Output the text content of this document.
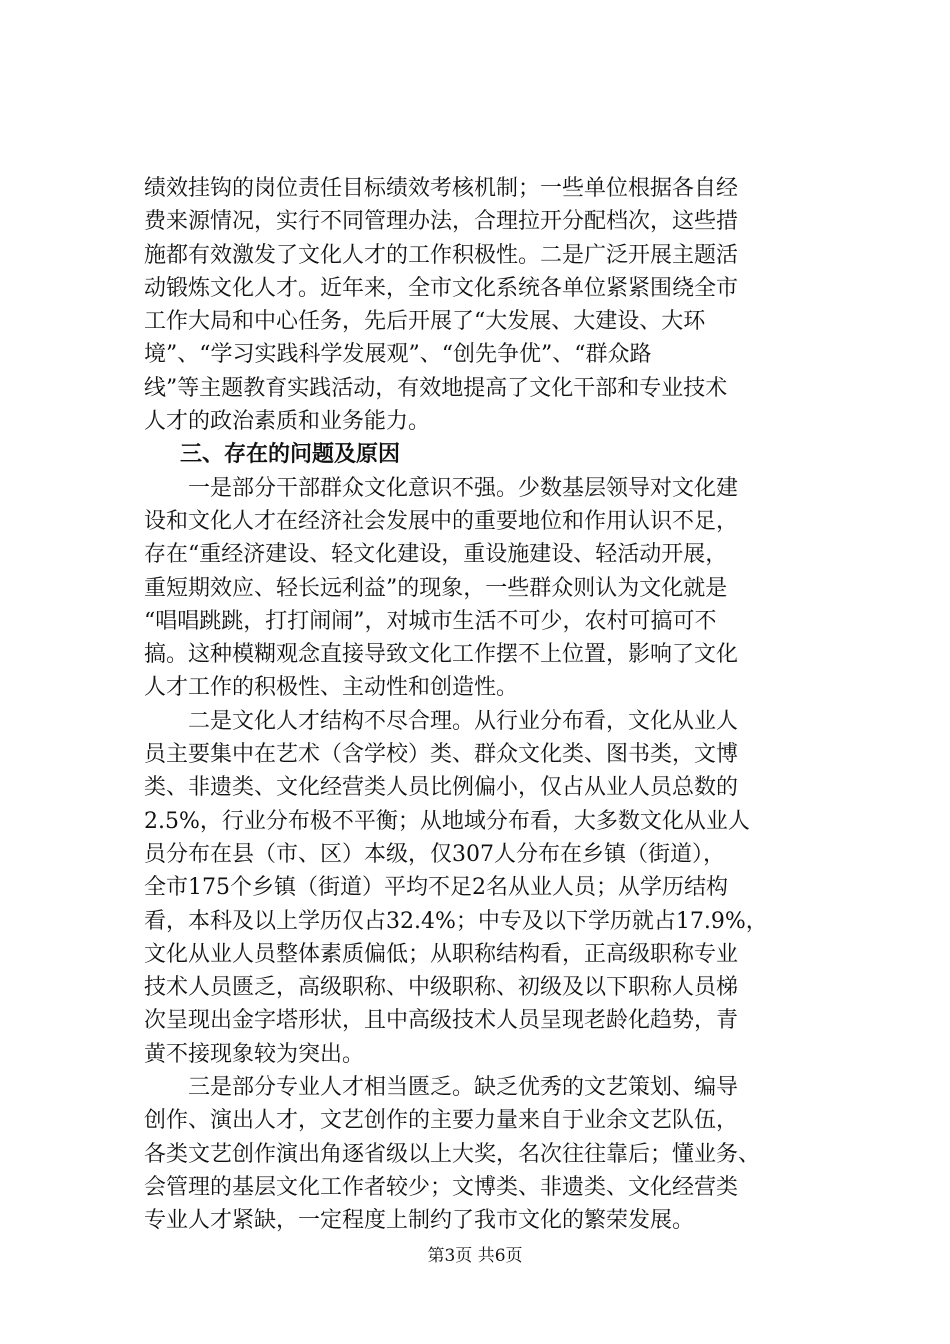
绩效挂钩的岗位责任目标绩效考核机制；一些单位根据各自经
费来源情况，实行不同管理办法，合理拉开分配档次，这些措
施都有效激发了文化人才的工作积极性。二是广泛开展主题活
动锻炼文化人才。近年来，全市文化系统各单位紧紧围绕全市
工作大局和中心任务，先后开展了“大发展、大建设、大环
境”、“学习实践科学发展观”、“创先争优”、“群众路
线”等主题教育实践活动，有效地提高了文化干部和专业技术
人才的政治素质和业务能力。
三、存在的问题及原因
　　一是部分干部群众文化意识不强。少数基层领导对文化建
设和文化人才在经济社会发展中的重要地位和作用认识不足，
存在“重经济建设、轻文化建设，重设施建设、轻活动开展，
重短期效应、轻长远利益”的现象，一些群众则认为文化就是
“唱唱跳跳，打打闹闹”，对城市生活不可少，农村可搞可不
搞。这种模糊观念直接导致文化工作摆不上位置，影响了文化
人才工作的积极性、主动性和创造性。
　　二是文化人才结构不尽合理。从行业分布看，文化从业人
员主要集中在艺术（含学校）类、群众文化类、图书类，文博
类、非遗类、文化经营类人员比例偏小，仅占从业人员总数的
2.5%，行业分布极不平衡；从地域分布看，大多数文化从业人
员分布在县（市、区）本级，仅307人分布在乡镇（街道），
全市175个乡镇（街道）平均不足2名从业人员；从学历结构
看，本科及以上学历仅占32.4%；中专及以下学历就占17.9%，
文化从业人员整体素质偏低；从职称结构看，正高级职称专业
技术人员匮乏，高级职称、中级职称、初级及以下职称人员梯
次呈现出金字塔形状，且中高级技术人员呈现老龄化趋势，青
黄不接现象较为突出。
　　三是部分专业人才相当匮乏。缺乏优秀的文艺策划、编导
创作、演出人才，文艺创作的主要力量来自于业余文艺队伍，
各类文艺创作演出角逐省级以上大奖，名次往往靠后；懂业务、
会管理的基层文化工作者较少；文博类、非遗类、文化经营类
专业人才紧缺，一定程度上制约了我市文化的繁荣发展。
第3页 共6页
